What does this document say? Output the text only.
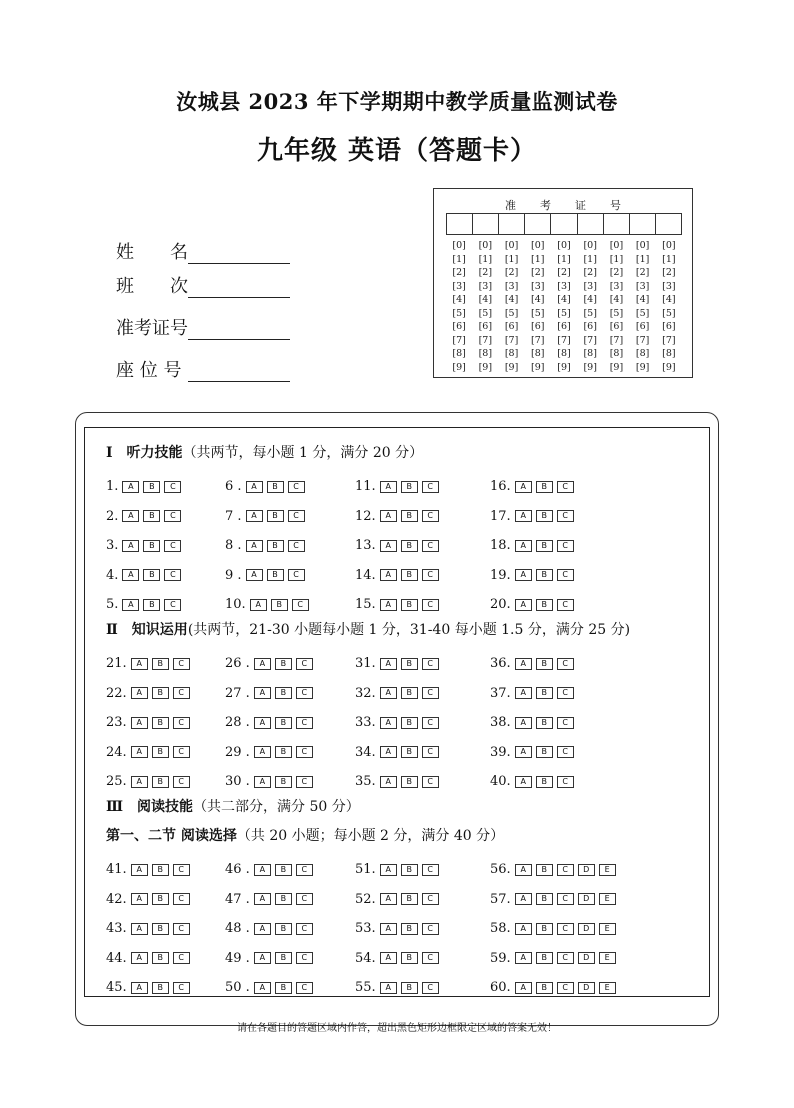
汝城县 2023 年下学期期中教学质量监测试卷
九年级 英语（答题卡）
姓　　名
班　　次
准考证号
座 位 号
准 考 证 号
[0]	[0]	[0]	[0]	[0]	[0]	[0]	[0]	[0]
[1]	[1]	[1]	[1]	[1]	[1]	[1]	[1]	[1]
[2]	[2]	[2]	[2]	[2]	[2]	[2]	[2]	[2]
[3]	[3]	[3]	[3]	[3]	[3]	[3]	[3]	[3]
[4]	[4]	[4]	[4]	[4]	[4]	[4]	[4]	[4]
[5]	[5]	[5]	[5]	[5]	[5]	[5]	[5]	[5]
[6]	[6]	[6]	[6]	[6]	[6]	[6]	[6]	[6]
[7]	[7]	[7]	[7]	[7]	[7]	[7]	[7]	[7]
[8]	[8]	[8]	[8]	[8]	[8]	[8]	[8]	[8]
[9]	[9]	[9]	[9]	[9]	[9]	[9]	[9]	[9]
Ⅰ　听力技能（共两节，每小题 1 分，满分 20 分）
Ⅱ　知识运用(共两节，21-30 小题每小题 1 分，31-40 每小题 1.5 分，满分 25 分)
Ⅲ　阅读技能（共二部分，满分 50 分）
第一、二节 阅读选择（共 20 小题；每小题 2 分，满分 40 分）
请在各题目的答题区域内作答，超出黑色矩形边框限定区域的答案无效！
1.	A	B	C	6 .	A	B	C	11.	A	B	C	16.	A	B	C
2.	A	B	C	7 .	A	B	C	12.	A	B	C	17.	A	B	C
3.	A	B	C	8 .	A	B	C	13.	A	B	C	18.	A	B	C
4.	A	B	C	9 .	A	B	C	14.	A	B	C	19.	A	B	C
5.	A	B	C	10.	A	B	C	15.	A	B	C	20.	A	B	C
21.	A	B	C	26 .	A	B	C	31.	A	B	C	36.	A	B	C
22.	A	B	C	27 .	A	B	C	32.	A	B	C	37.	A	B	C
23.	A	B	C	28 .	A	B	C	33.	A	B	C	38.	A	B	C
24.	A	B	C	29 .	A	B	C	34.	A	B	C	39.	A	B	C
25.	A	B	C	30 .	A	B	C	35.	A	B	C	40.	A	B	C
41.	A	B	C	46 .	A	B	C	51.	A	B	C	56.	A	B	C	D	E
42.	A	B	C	47 .	A	B	C	52.	A	B	C	57.	A	B	C	D	E
43.	A	B	C	48 .	A	B	C	53.	A	B	C	58.	A	B	C	D	E
44.	A	B	C	49 .	A	B	C	54.	A	B	C	59.	A	B	C	D	E
45.	A	B	C	50 .	A	B	C	55.	A	B	C	60.	A	B	C	D	E
